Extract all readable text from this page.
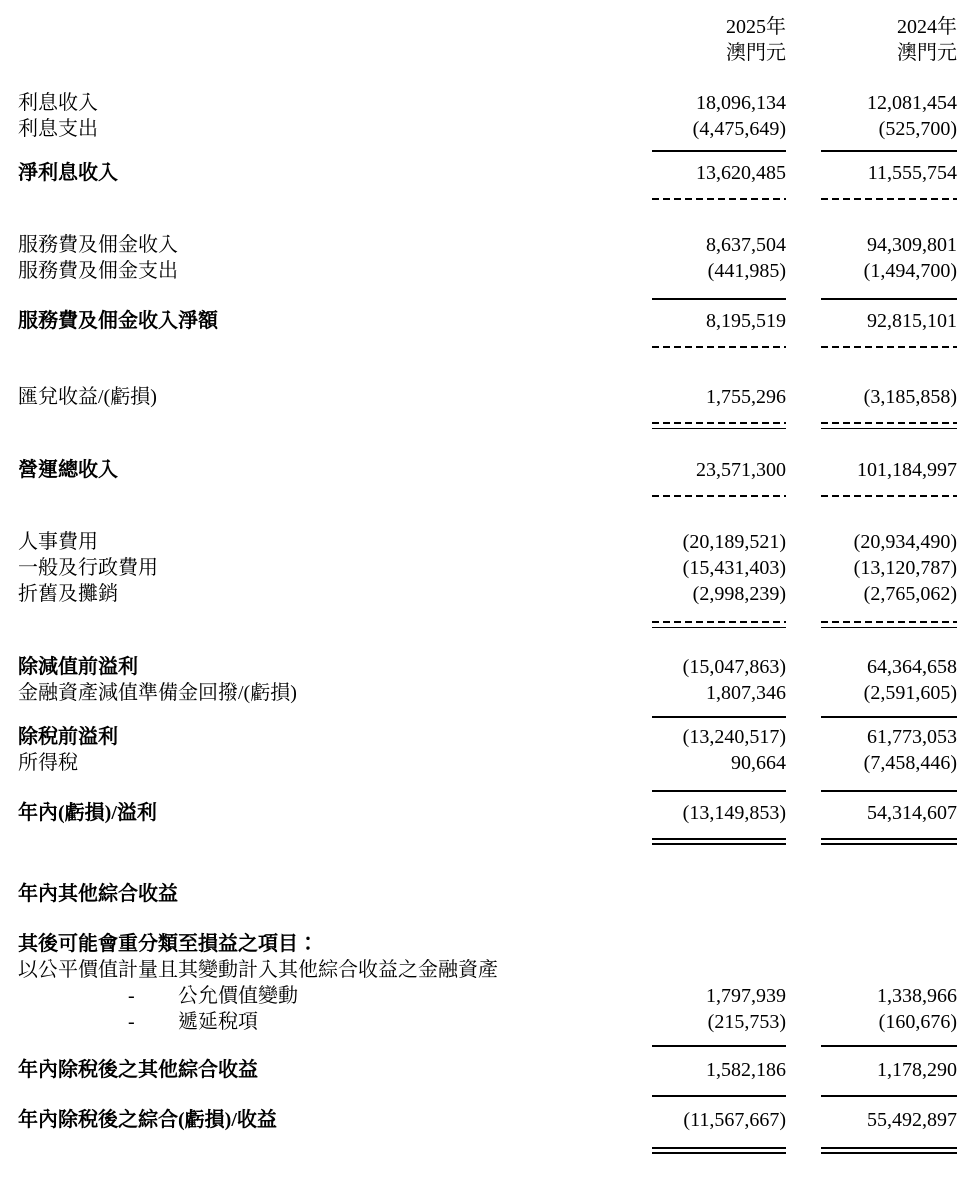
2025年	2024年
澳門元	澳門元
利息收入	18,096,134	12,081,454
利息支出	(4,475,649)	(525,700)
淨利息收入	13,620,485	11,555,754
服務費及佣金收入	8,637,504	94,309,801
服務費及佣金支出	(441,985)	(1,494,700)
服務費及佣金收入淨額	8,195,519	92,815,101
匯兌收益/(虧損)	1,755,296	(3,185,858)
營運總收入	23,571,300	101,184,997
人事費用	(20,189,521)	(20,934,490)
一般及行政費用	(15,431,403)	(13,120,787)
折舊及攤銷	(2,998,239)	(2,765,062)
除減值前溢利	(15,047,863)	64,364,658
金融資產減值準備金回撥/(虧損)	1,807,346	(2,591,605)
除稅前溢利	(13,240,517)	61,773,053
所得稅	90,664	(7,458,446)
年內(虧損)/溢利	(13,149,853)	54,314,607
年內其他綜合收益
其後可能會重分類至損益之項目：
以公平價值計量且其變動計入其他綜合收益之金融資產
- 公允價值變動	1,797,939	1,338,966
- 遞延稅項	(215,753)	(160,676)
年內除稅後之其他綜合收益	1,582,186	1,178,290
年內除稅後之綜合(虧損)/收益	(11,567,667)	55,492,897
